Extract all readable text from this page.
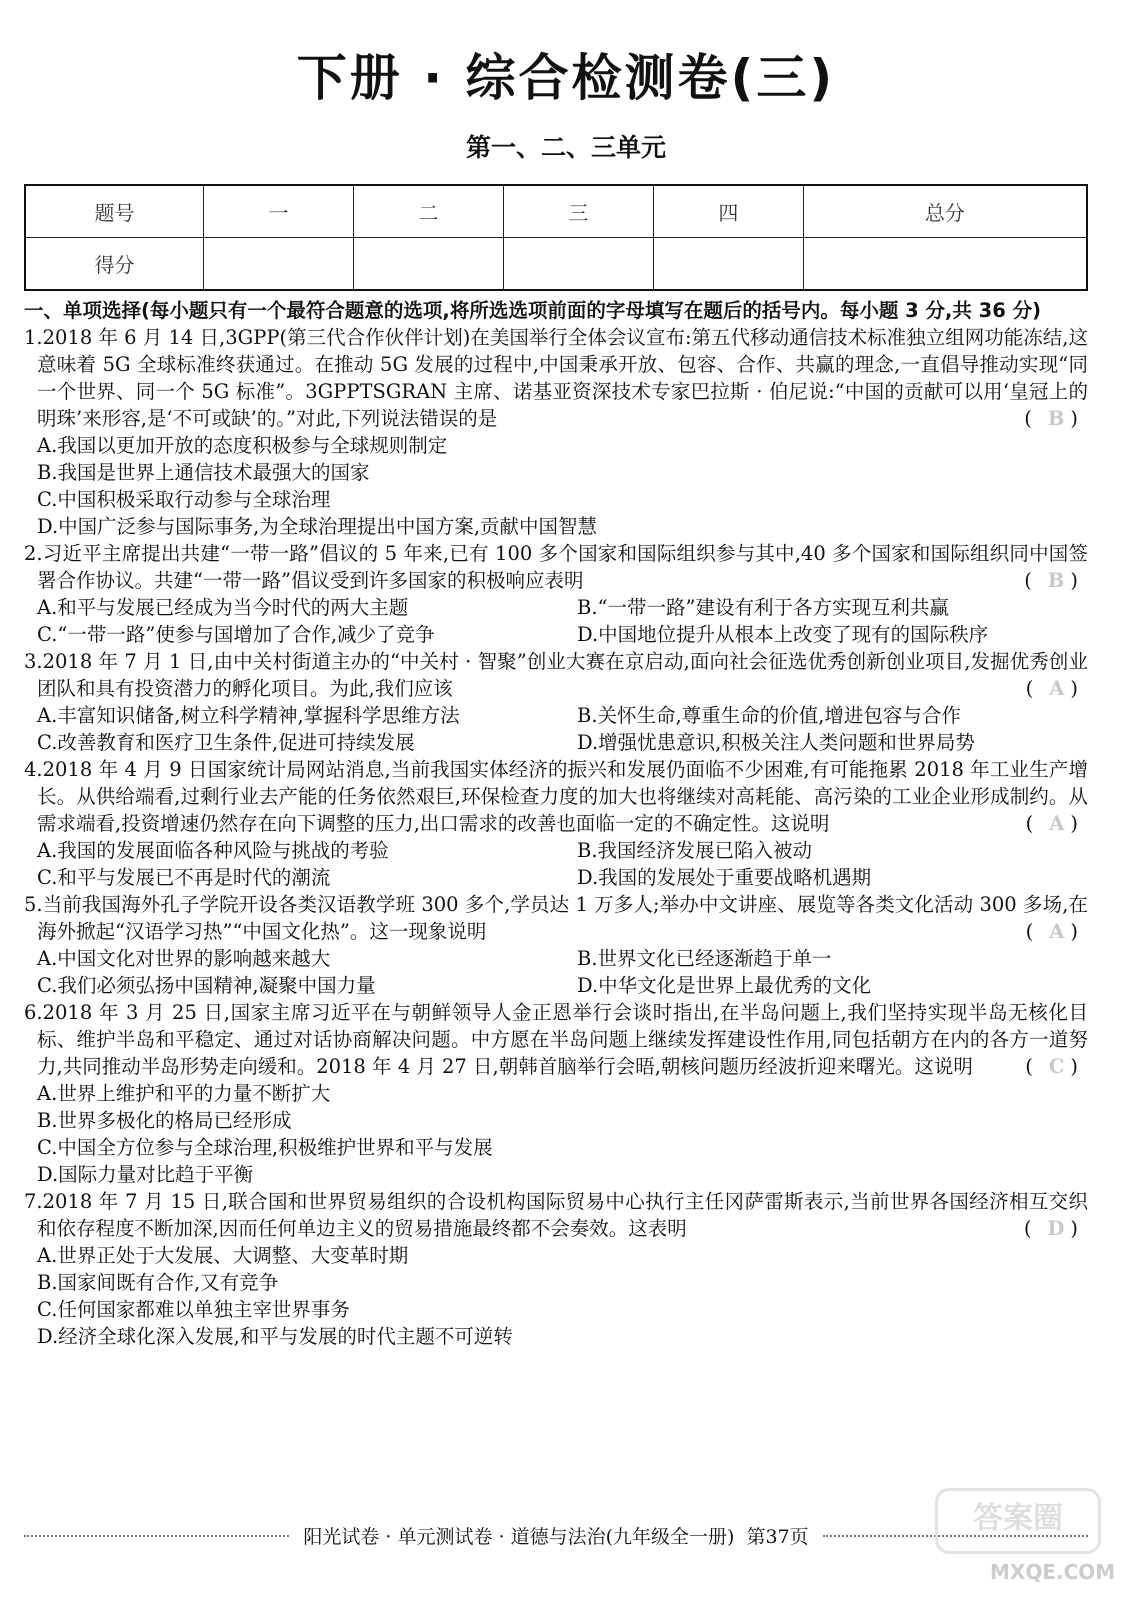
下册 · 综合检测卷(三)
第一、二、三单元
题号	一	二	三	四	总分
得分					
一、单项选择(每小题只有一个最符合题意的选项,将所选选项前面的字母填写在题后的括号内。每小题 3 分,共 36 分)
1.2018 年 6 月 14 日,3GPP(第三代合作伙伴计划)在美国举行全体会议宣布:第五代移动通信技术标准独立组网功能冻结,这意味着 5G 全球标准终获通过。在推动 5G 发展的过程中,中国秉承开放、包容、合作、共赢的理念,一直倡导推动实现“同一个世界、同一个 5G 标准”。3GPPTSGRAN 主席、诺基亚资深技术专家巴拉斯 · 伯尼说:“中国的贡献可以用‘皇冠上的明珠’来形容,是‘不可或缺’的。”对此,下列说法错误的是	( B )
A.我国以更加开放的态度积极参与全球规则制定
B.我国是世界上通信技术最强大的国家
C.中国积极采取行动参与全球治理
D.中国广泛参与国际事务,为全球治理提出中国方案,贡献中国智慧
2.习近平主席提出共建“一带一路”倡议的 5 年来,已有 100 多个国家和国际组织参与其中,40 多个国家和国际组织同中国签署合作协议。共建“一带一路”倡议受到许多国家的积极响应表明	( B )
A.和平与发展已经成为当今时代的两大主题	B.“一带一路”建设有利于各方实现互利共赢
C.“一带一路”使参与国增加了合作,减少了竞争	D.中国地位提升从根本上改变了现有的国际秩序
3.2018 年 7 月 1 日,由中关村街道主办的“中关村 · 智聚”创业大赛在京启动,面向社会征选优秀创新创业项目,发掘优秀创业团队和具有投资潜力的孵化项目。为此,我们应该	( A )
A.丰富知识储备,树立科学精神,掌握科学思维方法	B.关怀生命,尊重生命的价值,增进包容与合作
C.改善教育和医疗卫生条件,促进可持续发展	D.增强忧患意识,积极关注人类问题和世界局势
4.2018 年 4 月 9 日国家统计局网站消息,当前我国实体经济的振兴和发展仍面临不少困难,有可能拖累 2018 年工业生产增长。从供给端看,过剩行业去产能的任务依然艰巨,环保检查力度的加大也将继续对高耗能、高污染的工业企业形成制约。从需求端看,投资增速仍然存在向下调整的压力,出口需求的改善也面临一定的不确定性。这说明	( A )
A.我国的发展面临各种风险与挑战的考验	B.我国经济发展已陷入被动
C.和平与发展已不再是时代的潮流	D.我国的发展处于重要战略机遇期
5.当前我国海外孔子学院开设各类汉语教学班 300 多个,学员达 1 万多人;举办中文讲座、展览等各类文化活动 300 多场,在海外掀起“汉语学习热”“中国文化热”。这一现象说明	( A )
A.中国文化对世界的影响越来越大	B.世界文化已经逐渐趋于单一
C.我们必须弘扬中国精神,凝聚中国力量	D.中华文化是世界上最优秀的文化
6.2018 年 3 月 25 日,国家主席习近平在与朝鲜领导人金正恩举行会谈时指出,在半岛问题上,我们坚持实现半岛无核化目标、维护半岛和平稳定、通过对话协商解决问题。中方愿在半岛问题上继续发挥建设性作用,同包括朝方在内的各方一道努力,共同推动半岛形势走向缓和。2018 年 4 月 27 日,朝韩首脑举行会晤,朝核问题历经波折迎来曙光。这说明	( C )
A.世界上维护和平的力量不断扩大
B.世界多极化的格局已经形成
C.中国全方位参与全球治理,积极维护世界和平与发展
D.国际力量对比趋于平衡
7.2018 年 7 月 15 日,联合国和世界贸易组织的合设机构国际贸易中心执行主任冈萨雷斯表示,当前世界各国经济相互交织和依存程度不断加深,因而任何单边主义的贸易措施最终都不会奏效。这表明	( D )
A.世界正处于大发展、大调整、大变革时期
B.国家间既有合作,又有竞争
C.任何国家都难以单独主宰世界事务
D.经济全球化深入发展,和平与发展的时代主题不可逆转
阳光试卷 · 单元测试卷 · 道德与法治(九年级全一册) 第37页
答案圈
MXQE.COM
